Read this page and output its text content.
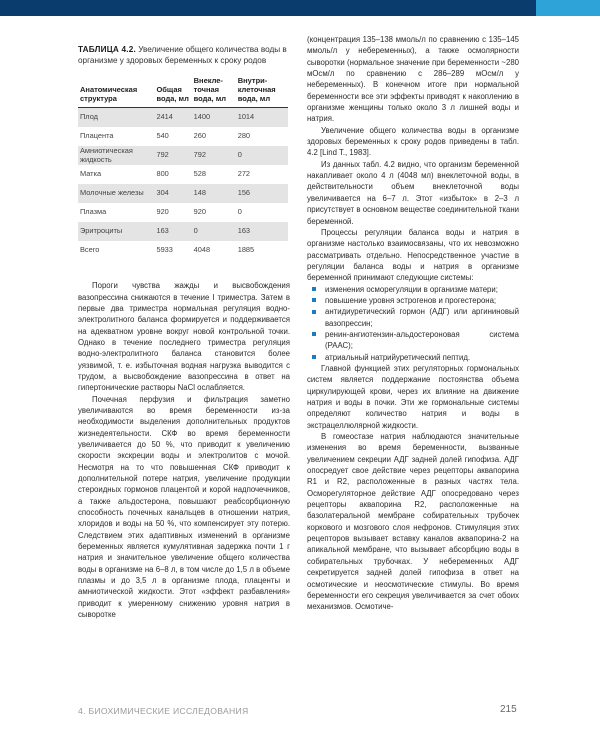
ТАБЛИЦА 4.2. Увеличение общего количества воды в организме у здоровых беременных к сроку родов
Анатомическая структура	Общая вода, мл	Внекле-точная вода, мл	Внутри-клеточная вода, мл
Плод	2414	1400	1014
Плацента	540	260	280
Амниотическая жидкость	792	792	0
Матка	800	528	272
Молочные железы	304	148	156
Плазма	920	920	0
Эритроциты	163	0	163
Всего	5933	4048	1885

Пороги чувства жажды и высвобождения вазопрессина снижаются в течение I триместра. Затем в первые два триместра нормальная регуляция водно-электролитного баланса формируется и поддерживается на адекватном уровне вокруг новой контрольной точки. Однако в течение последнего триместра регуляция водно-электролитного баланса становится более уязвимой, т. е. избыточная водная нагрузка выводится с трудом, а высвобождение вазопрессина в ответ на гипертонические растворы NaCl ослабляется.

Почечная перфузия и фильтрация заметно увеличиваются во время беременности из-за необходимости выделения дополнительных продуктов жизнедеятельности. СКФ во время беременности увеличивается до 50 %, что приводит к увеличению скорости экскреции воды и электролитов с мочой. Несмотря на то что повышенная СКФ приводит к дополнительной потере натрия, увеличение продукции стероидных гормонов плацентой и корой надпочечников, а также альдостерона, повышают реабсорбционную способность почечных канальцев в отношении натрия, хлоридов и воды на 50 %, что компенсирует эту потерю. Следствием этих адаптивных изменений в организме беременных является кумулятивная задержка почти 1 г натрия и значительное увеличение общего количества воды в организме на 6–8 л, в том числе до 1,5 л в объеме плазмы и до 3,5 л в организме плода, плаценты и амниотической жидкости. Этот «эффект разбавления» приводит к умеренному снижению уровня натрия в сыворотке

(концентрация 135–138 ммоль/л по сравнению с 135–145 ммоль/л у небеременных), а также осмолярности сыворотки (нормальное значение при беременности ~280 мОсм/л по сравнению с 286–289 мОсм/л у небеременных). В конечном итоге при нормальной беременности все эти эффекты приводят к накоплению в организме женщины только около 3 л лишней воды и натрия.

Увеличение общего количества воды в организме здоровых беременных к сроку родов приведены в табл. 4.2 [Lind T., 1983].

Из данных табл. 4.2 видно, что организм беременной накапливает около 4 л (4048 мл) внеклеточной воды, в действительности объем внеклеточной воды увеличивается на 6–7 л. Этот «избыток» в 2–3 л присутствует в основном веществе соединительной ткани беременной.

Процессы регуляции баланса воды и натрия в организме настолько взаимосвязаны, что их невозможно рассматривать отдельно. Непосредственное участие в регуляции баланса воды и натрия в организме беременной принимают следующие системы:

изменения осморегуляции в организме матери;
повышение уровня эстрогенов и прогестерона;
антидиуретический гормон (АДГ) или аргининовый вазопрессин;
ренин-ангиотензин-альдостероновая система (РААС);
атриальный натрийуретический пептид.

Главной функцией этих регуляторных гормональных систем является поддержание постоянства объема циркулирующей крови, через их влияние на движение натрия и воды в почки. Эти же гормональные системы определяют количество натрия и воды в экстрацеллюлярной жидкости.

В гомеостазе натрия наблюдаются значительные изменения во время беременности, вызванные увеличением секреции АДГ задней долей гипофиза. АДГ опосредует свое действие через рецепторы аквапорина R1 и R2, расположенные в разных частях тела. Осморегуляторное действие АДГ опосредовано через рецепторы аквапорина R2, расположенные на базолатеральной мембране собирательных трубочек коркового и мозгового слоя нефронов. Стимуляция этих рецепторов вызывает вставку каналов аквапорина-2 на апикальной мембране, что вызывает абсорбцию воды в собирательных трубочках. У небеременных АДГ секретируется задней долей гипофиза в ответ на осмотические и неосмотические стимулы. Во время беременности его секреция увеличивается за счет обоих механизмов. Осмотиче-

4. БИОХИМИЧЕСКИЕ ИССЛЕДОВАНИЯ	215
